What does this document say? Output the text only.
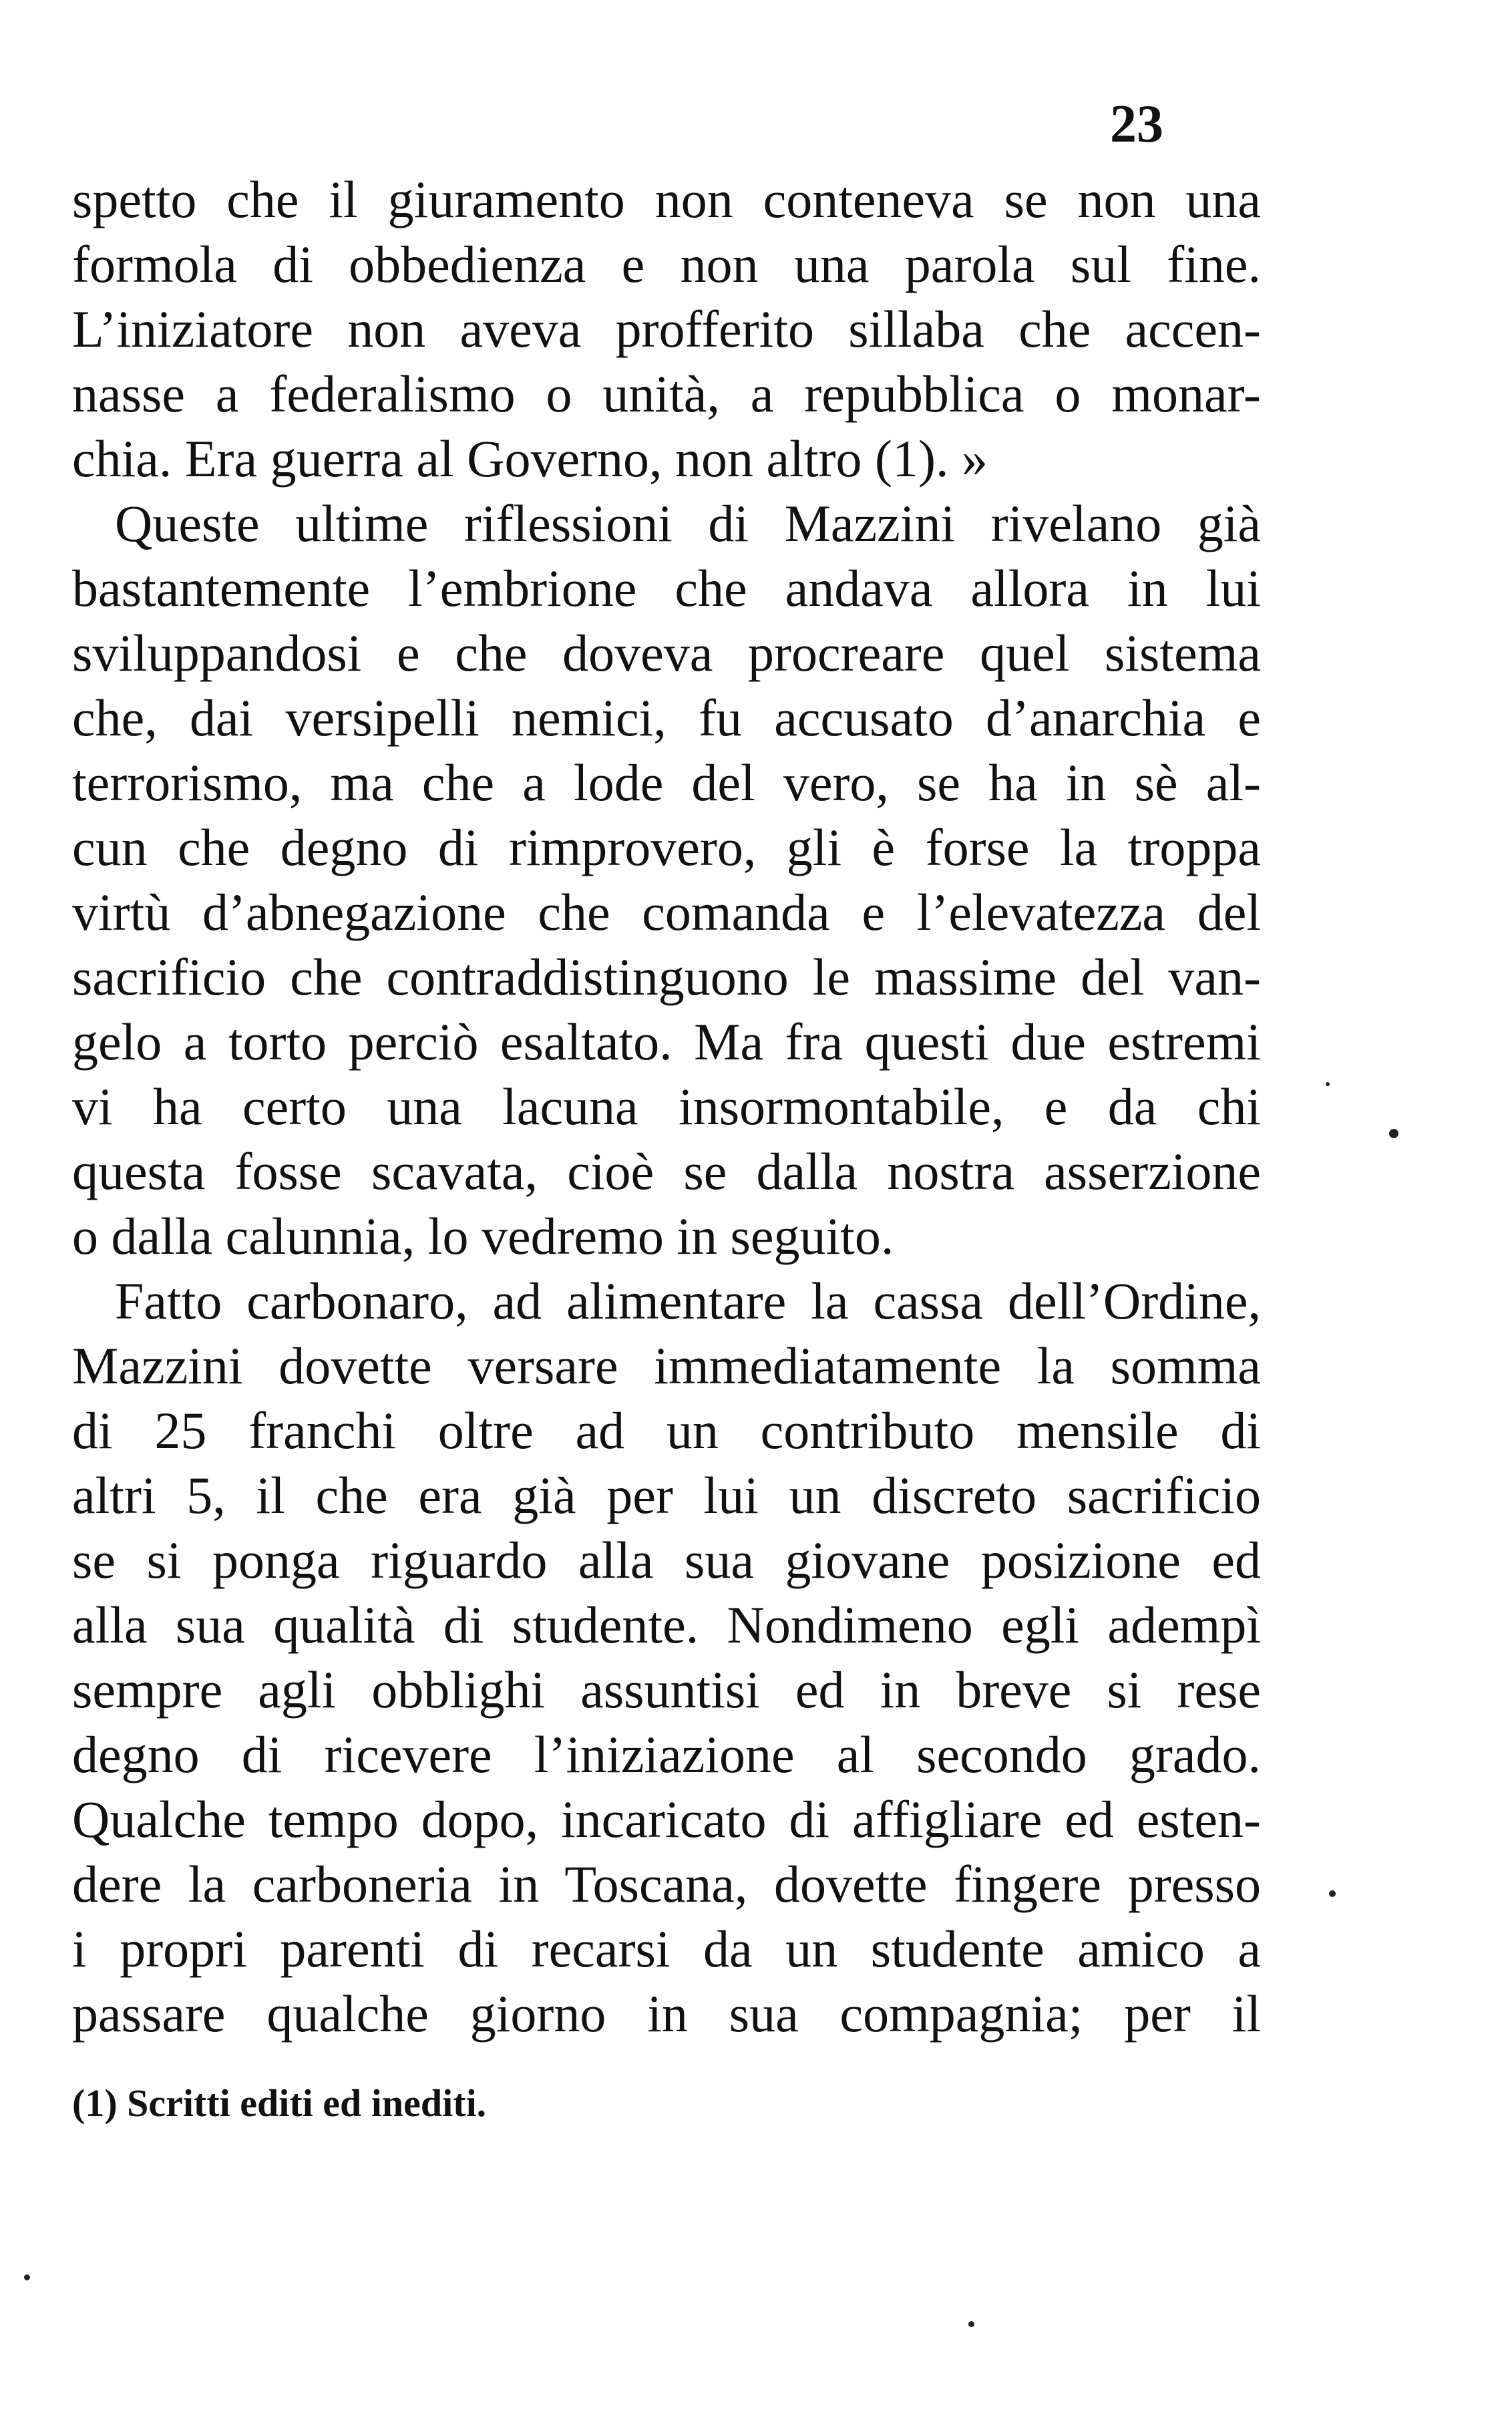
23
spetto che il giuramento non conteneva se non una
formola di obbedienza e non una parola sul fine.
L’iniziatore non aveva profferito sillaba che accen-
nasse a federalismo o unità, a repubblica o monar-
chia. Era guerra al Governo, non altro (1). »
Queste ultime riflessioni di Mazzini rivelano già
bastantemente l’embrione che andava allora in lui
sviluppandosi e che doveva procreare quel sistema
che, dai versipelli nemici, fu accusato d’anarchia e
terrorismo, ma che a lode del vero, se ha in sè al-
cun che degno di rimprovero, gli è forse la troppa
virtù d’abnegazione che comanda e l’elevatezza del
sacrificio che contraddistinguono le massime del van-
gelo a torto perciò esaltato. Ma fra questi due estremi
vi ha certo una lacuna insormontabile, e da chi
questa fosse scavata, cioè se dalla nostra asserzione
o dalla calunnia, lo vedremo in seguito.
Fatto carbonaro, ad alimentare la cassa dell’Ordine,
Mazzini dovette versare immediatamente la somma
di 25 franchi oltre ad un contributo mensile di
altri 5, il che era già per lui un discreto sacrificio
se si ponga riguardo alla sua giovane posizione ed
alla sua qualità di studente. Nondimeno egli adempì
sempre agli obblighi assuntisi ed in breve si rese
degno di ricevere l’iniziazione al secondo grado.
Qualche tempo dopo, incaricato di affigliare ed esten-
dere la carboneria in Toscana, dovette fingere presso
i propri parenti di recarsi da un studente amico a
passare qualche giorno in sua compagnia; per il
(1) Scritti editi ed inediti.
